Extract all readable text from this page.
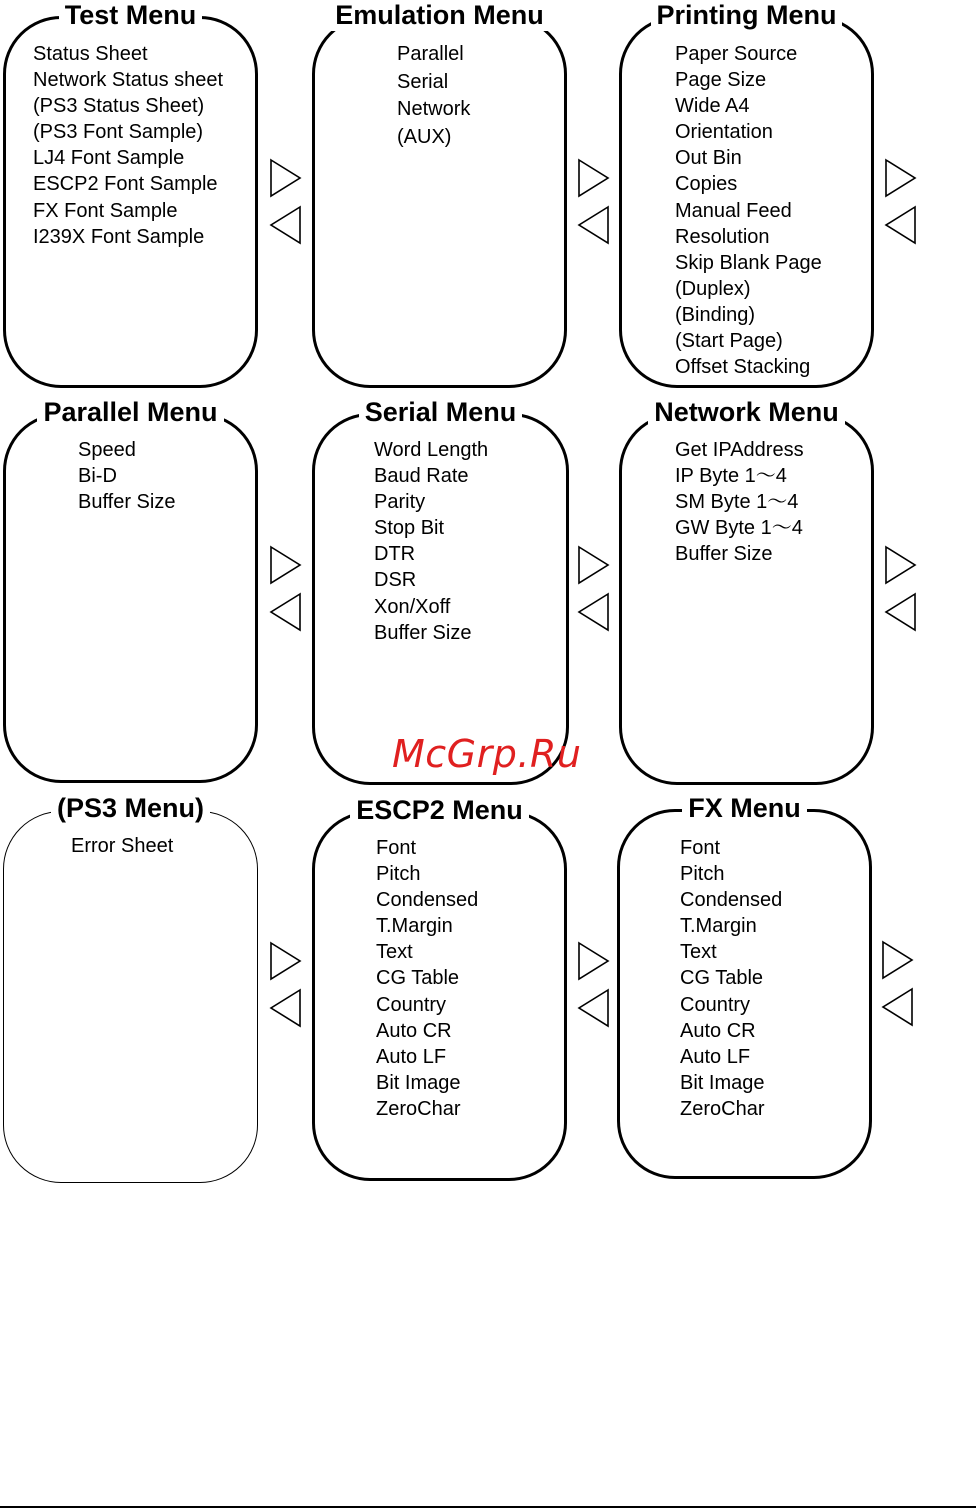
Test Menu
Status Sheet
Network Status sheet
(PS3 Status Sheet)
(PS3 Font Sample)
LJ4 Font Sample
ESCP2 Font Sample
FX Font Sample
I239X Font Sample
Emulation Menu
Parallel
Serial
Network
(AUX)
Printing Menu
Paper Source
Page Size
Wide A4
Orientation
Out Bin
Copies
Manual Feed
Resolution
Skip Blank Page
(Duplex)
(Binding)
(Start Page)
Offset Stacking
Parallel Menu
Speed
Bi-D
Buffer Size
Serial Menu
Word Length
Baud Rate
Parity
Stop Bit
DTR
DSR
Xon/Xoff
Buffer Size
Network Menu
Get IPAddress
IP Byte 1～4
SM Byte 1～4
GW Byte 1～4
Buffer Size
(PS3 Menu)
Error Sheet
ESCP2 Menu
Font
Pitch
Condensed
T.Margin
Text
CG Table
Country
Auto CR
Auto LF
Bit Image
ZeroChar
FX Menu
Font
Pitch
Condensed
T.Margin
Text
CG Table
Country
Auto CR
Auto LF
Bit Image
ZeroChar
McGrp.Ru
